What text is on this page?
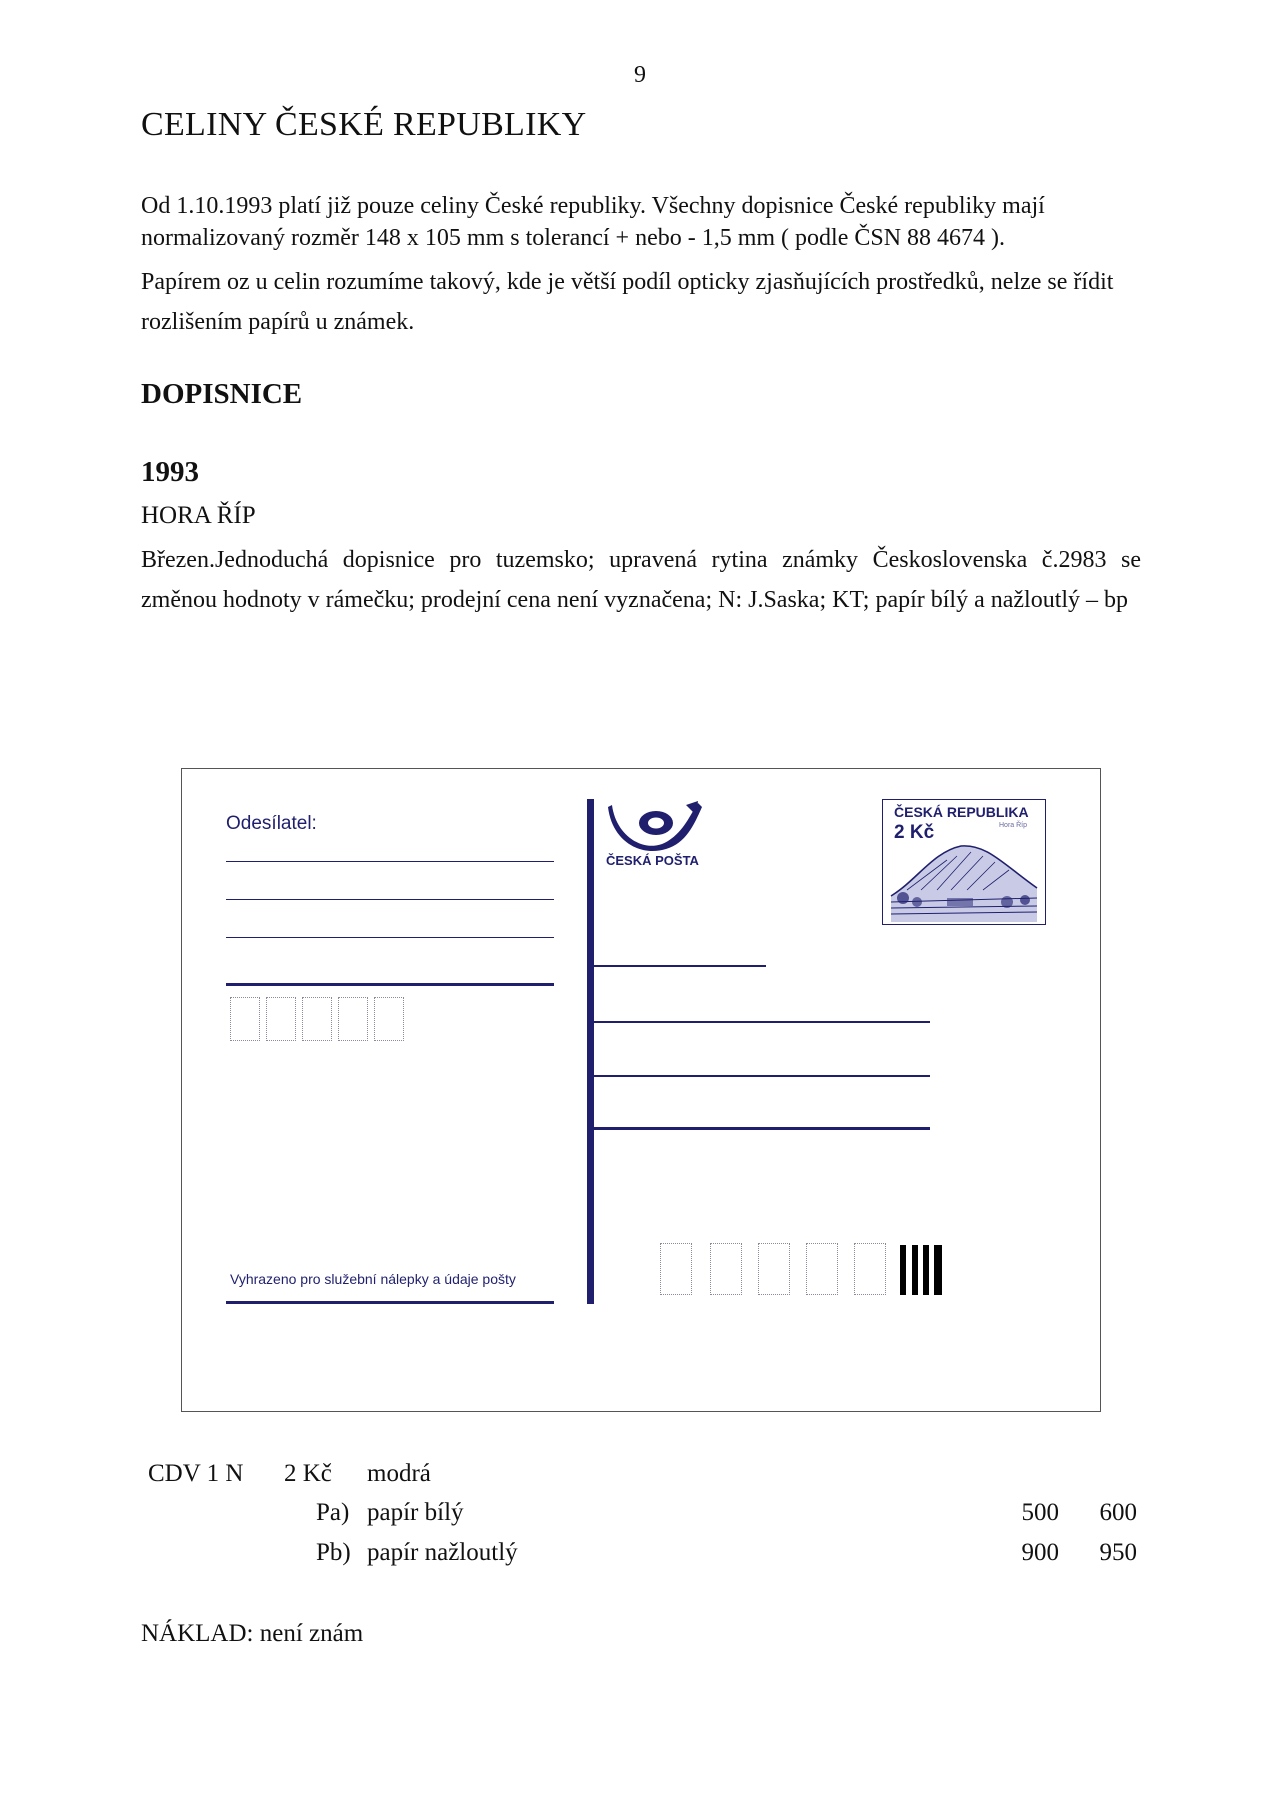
9
CELINY ČESKÉ REPUBLIKY

Od 1.10.1993 platí již pouze celiny České republiky. Všechny dopisnice České republiky mají normalizovaný rozměr 148 x 105 mm s tolerancí + nebo - 1,5 mm ( podle ČSN 88 4674 ).

Papírem oz u celin rozumíme takový, kde je větší podíl opticky zjasňujících prostředků, nelze se řídit rozlišením papírů u známek.

DOPISNICE
1993
HORA ŘÍP

Březen.Jednoduchá dopisnice pro tuzemsko; upravená rytina známky Československa č.2983 se změnou hodnoty v rámečku; prodejní cena není vyznačena; N: J.Saska; KT; papír bílý a nažloutlý – bp

Odesílatel:
Vyhrazeno pro služební nálepky a údaje pošty
ČESKÁ POŠTA
ČESKÁ REPUBLIKA
2 Kč	Hora Říp
CDV 1 N 2 Kč modrá
Pa) papír bílý	500	600
Pb) papír nažloutlý	900	950
NÁKLAD: není znám
